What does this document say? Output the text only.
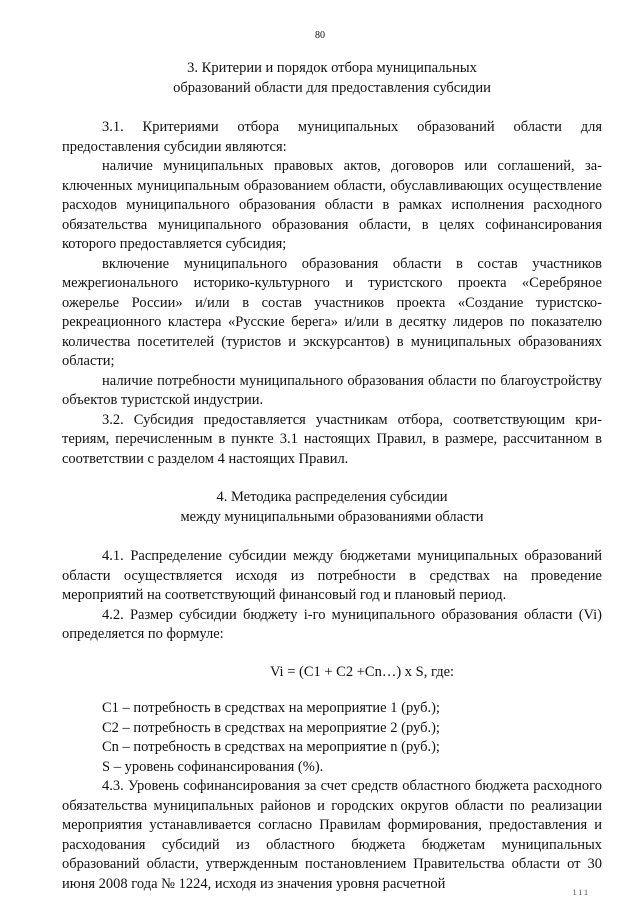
80
3. Критерии и порядок отбора муниципальных
образований области для предоставления субсидии

3.1. Критериями отбора муниципальных образований области для предоставления субсидии являются:

наличие муниципальных правовых актов, договоров или соглашений, заключенных муниципальным образованием области, обуславливающих осуществление расходов муниципального образования области в рамках исполнения расходного обязательства муниципального образования области, в целях софинансирования которого предоставляется субсидия;

включение муниципального образования области в состав участников межрегионального историко-культурного и туристского проекта «Серебряное ожерелье России» и/или в состав участников проекта «Создание туристскорекреационного кластера «Русские берега» и/или в десятку лидеров по показателю количества посетителей (туристов и экскурсантов) в муниципальных образованиях области;

наличие потребности муниципального образования области по благоустройству объектов туристской индустрии.

3.2. Субсидия предоставляется участникам отбора, соответствующим критериям, перечисленным в пункте 3.1 настоящих Правил, в размере, рассчитанном в соответствии с разделом 4 настоящих Правил.

4. Методика распределения субсидии
между муниципальными образованиями области

4.1. Распределение субсидии между бюджетами муниципальных образований области осуществляется исходя из потребности в средствах на проведение мероприятий на соответствующий финансовый год и плановый период.

4.2. Размер субсидии бюджету i-го муниципального образования области (Vi) определяется по формуле:

Vi = (C1 + C2 +Cn…) x S, где:

C1 – потребность в средствах на мероприятие 1 (руб.);

C2 – потребность в средствах на мероприятие 2 (руб.);

Cn – потребность в средствах на мероприятие n (руб.);

S – уровень софинансирования (%).

4.3. Уровень софинансирования за счет средств областного бюджета расходного обязательства муниципальных районов и городских округов области по реализации мероприятия устанавливается согласно Правилам формирования, предоставления и расходования субсидий из областного бюджета бюджетам муниципальных образований области, утвержденным постановлением Правительства области от 30 июня 2008 года № 1224, исходя из значения уровня расчетной

111
